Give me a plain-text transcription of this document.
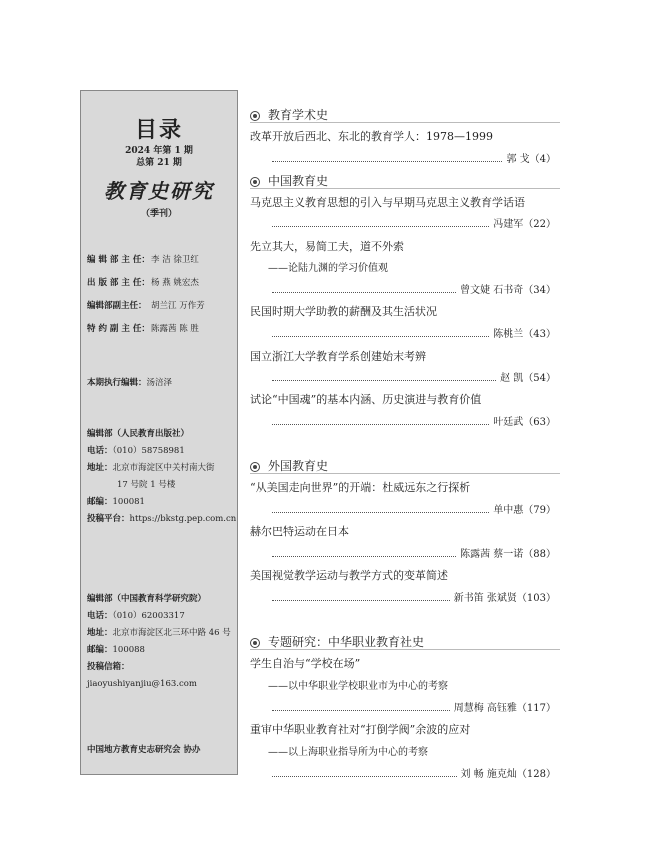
目录
2024 年第 1 期
总第 21 期
教育史研究
（季刊）
编 辑 部 主 任：李 洁 徐卫红
出 版 部 主 任：杨 燕 姚宏杰
编辑部副主任： 胡兰江 万作芳
特 约 副 主 任：陈露茜 陈 胜
本期执行编辑：汤涪泽
编辑部（人民教育出版社）
电话：（010）58758981
地址：北京市海淀区中关村南大街
17 号院 1 号楼
邮编：100081
投稿平台：https://bkstg.pep.com.cn
编辑部（中国教育科学研究院）
电话：（010）62003317
地址：北京市海淀区北三环中路 46 号
邮编：100088
投稿信箱：jiaoyushiyanjiu@163.com
中国地方教育史志研究会 协办
教育学术史
改革开放后西北、东北的教育学人：1978—1999
郭 戈（4）
中国教育史
马克思主义教育思想的引入与早期马克思主义教育学话语
冯建军（22）
先立其大，易简工夫，道不外索
——论陆九渊的学习价值观
曾文婕 石书奇（34）
民国时期大学助教的薪酬及其生活状况
陈桃兰（43）
国立浙江大学教育学系创建始末考辨
赵 凯（54）
试论“中国魂”的基本内涵、历史演进与教育价值
叶廷武（63）
外国教育史
“从美国走向世界”的开端：杜威远东之行探析
单中惠（79）
赫尔巴特运动在日本
陈露茜 蔡一诺（88）
美国视觉教学运动与教学方式的变革简述
新书笛 张斌贤（103）
专题研究：中华职业教育社史
学生自治与“学校在场”
——以中华职业学校职业市为中心的考察
周慧梅 高钰雅（117）
重审中华职业教育社对“打倒学阀”余波的应对
——以上海职业指导所为中心的考察
刘 畅 施克灿（128）
